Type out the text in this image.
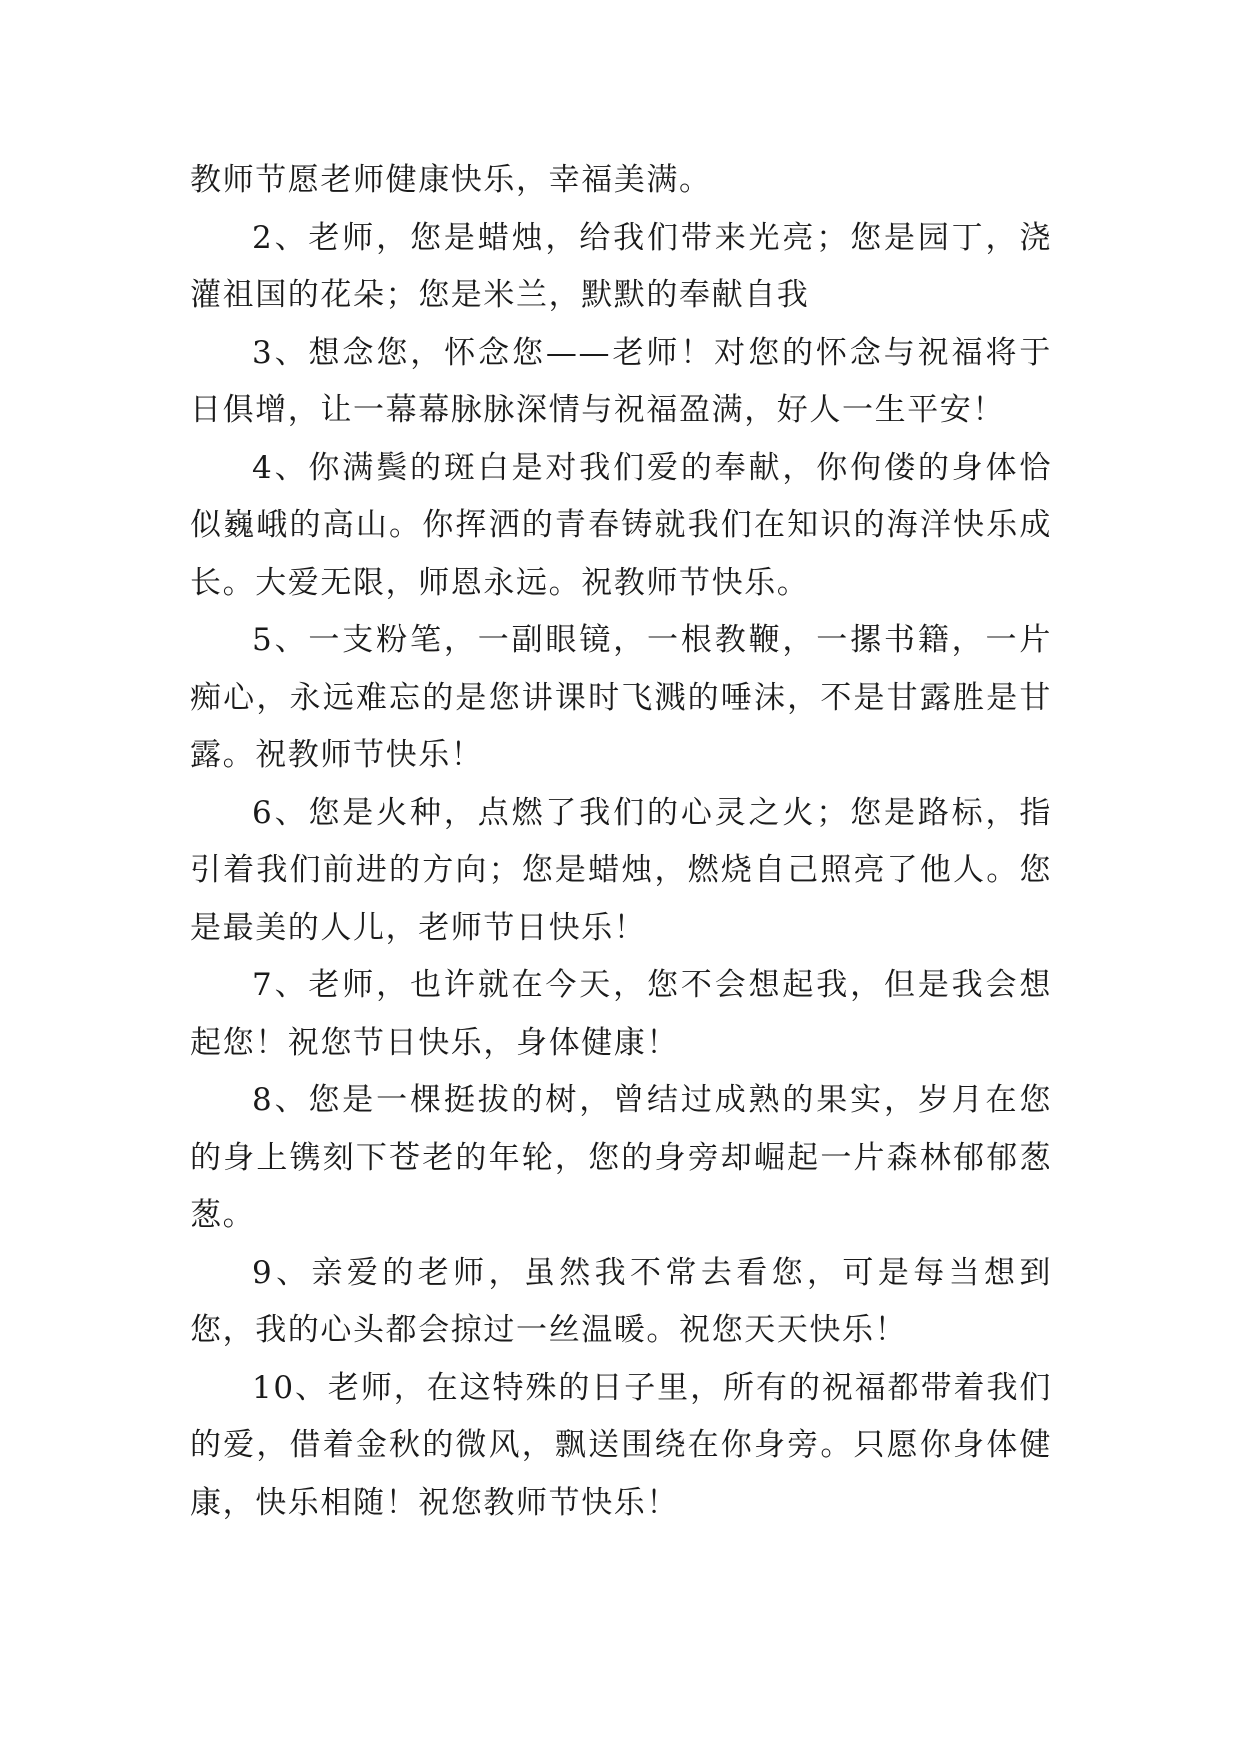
教师节愿老师健康快乐，幸福美满。

2、老师，您是蜡烛，给我们带来光亮；您是园丁，浇灌祖国的花朵；您是米兰，默默的奉献自我

3、想念您，怀念您——老师！对您的怀念与祝福将于日俱增，让一幕幕脉脉深情与祝福盈满，好人一生平安！

4、你满鬓的斑白是对我们爱的奉献，你佝偻的身体恰似巍峨的高山。你挥洒的青春铸就我们在知识的海洋快乐成长。大爱无限，师恩永远。祝教师节快乐。

5、一支粉笔，一副眼镜，一根教鞭，一摞书籍，一片痴心，永远难忘的是您讲课时飞溅的唾沫，不是甘露胜是甘露。祝教师节快乐！

6、您是火种，点燃了我们的心灵之火；您是路标，指引着我们前进的方向；您是蜡烛，燃烧自己照亮了他人。您是最美的人儿，老师节日快乐！

7、老师，也许就在今天，您不会想起我，但是我会想起您！祝您节日快乐，身体健康！

8、您是一棵挺拔的树，曾结过成熟的果实，岁月在您的身上镌刻下苍老的年轮，您的身旁却崛起一片森林郁郁葱葱。

9、亲爱的老师，虽然我不常去看您，可是每当想到您，我的心头都会掠过一丝温暖。祝您天天快乐！

10、老师，在这特殊的日子里，所有的祝福都带着我们的爱，借着金秋的微风，飘送围绕在你身旁。只愿你身体健康，快乐相随！祝您教师节快乐！
